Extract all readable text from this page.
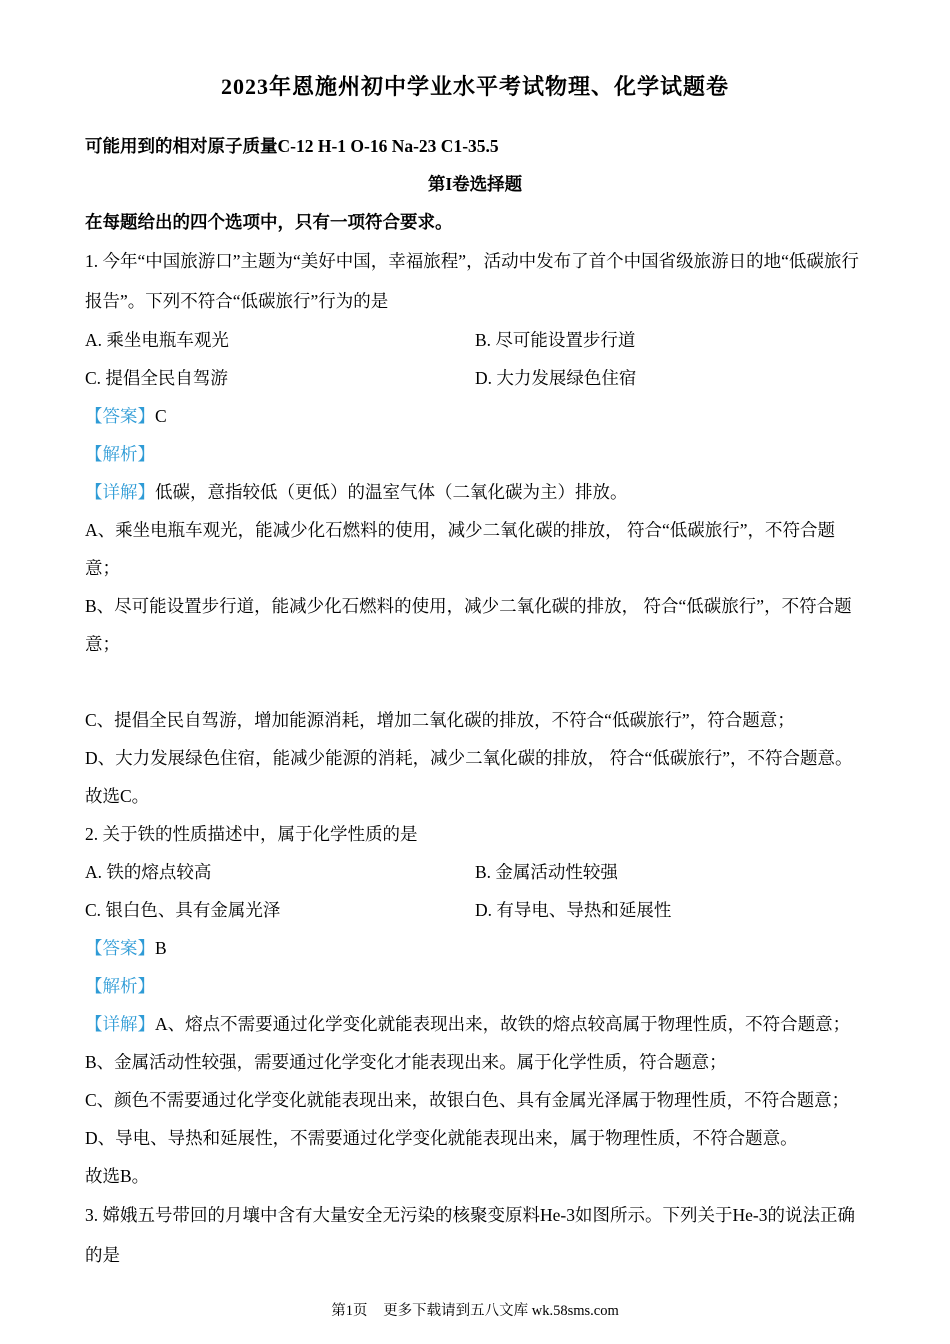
2023年恩施州初中学业水平考试物理、化学试题卷

可能用到的相对原子质量C-12 H-1 O-16 Na-23 C1-35.5

第I卷选择题

在每题给出的四个选项中，只有一项符合要求。

1. 今年“中国旅游口”主题为“美好中国，幸福旅程”，活动中发布了首个中国省级旅游日的地“低碳旅行报告”。下列不符合“低碳旅行”行为的是

A. 乘坐电瓶车观光	B. 尽可能设置步行道
C. 提倡全民自驾游	D. 大力发展绿色住宿

【答案】C

【解析】

【详解】低碳，意指较低（更低）的温室气体（二氧化碳为主）排放。

A、乘坐电瓶车观光，能减少化石燃料的使用，减少二氧化碳的排放， 符合“低碳旅行”，不符合题意；

B、尽可能设置步行道，能减少化石燃料的使用，减少二氧化碳的排放， 符合“低碳旅行”，不符合题意；

C、提倡全民自驾游，增加能源消耗，增加二氧化碳的排放，不符合“低碳旅行”，符合题意；

D、大力发展绿色住宿，能减少能源的消耗，减少二氧化碳的排放， 符合“低碳旅行”，不符合题意。

故选C。

2. 关于铁的性质描述中，属于化学性质的是

A. 铁的熔点较高	B. 金属活动性较强
C. 银白色、具有金属光泽	D. 有导电、导热和延展性

【答案】B

【解析】

【详解】A、熔点不需要通过化学变化就能表现出来，故铁的熔点较高属于物理性质，不符合题意；

B、金属活动性较强，需要通过化学变化才能表现出来。属于化学性质，符合题意；

C、颜色不需要通过化学变化就能表现出来，故银白色、具有金属光泽属于物理性质，不符合题意；

D、导电、导热和延展性，不需要通过化学变化就能表现出来，属于物理性质，不符合题意。

故选B。

3. 嫦娥五号带回的月壤中含有大量安全无污染的核聚变原料He-3如图所示。下列关于He-3的说法正确的是

第1页 更多下载请到五八文库 wk.58sms.com
